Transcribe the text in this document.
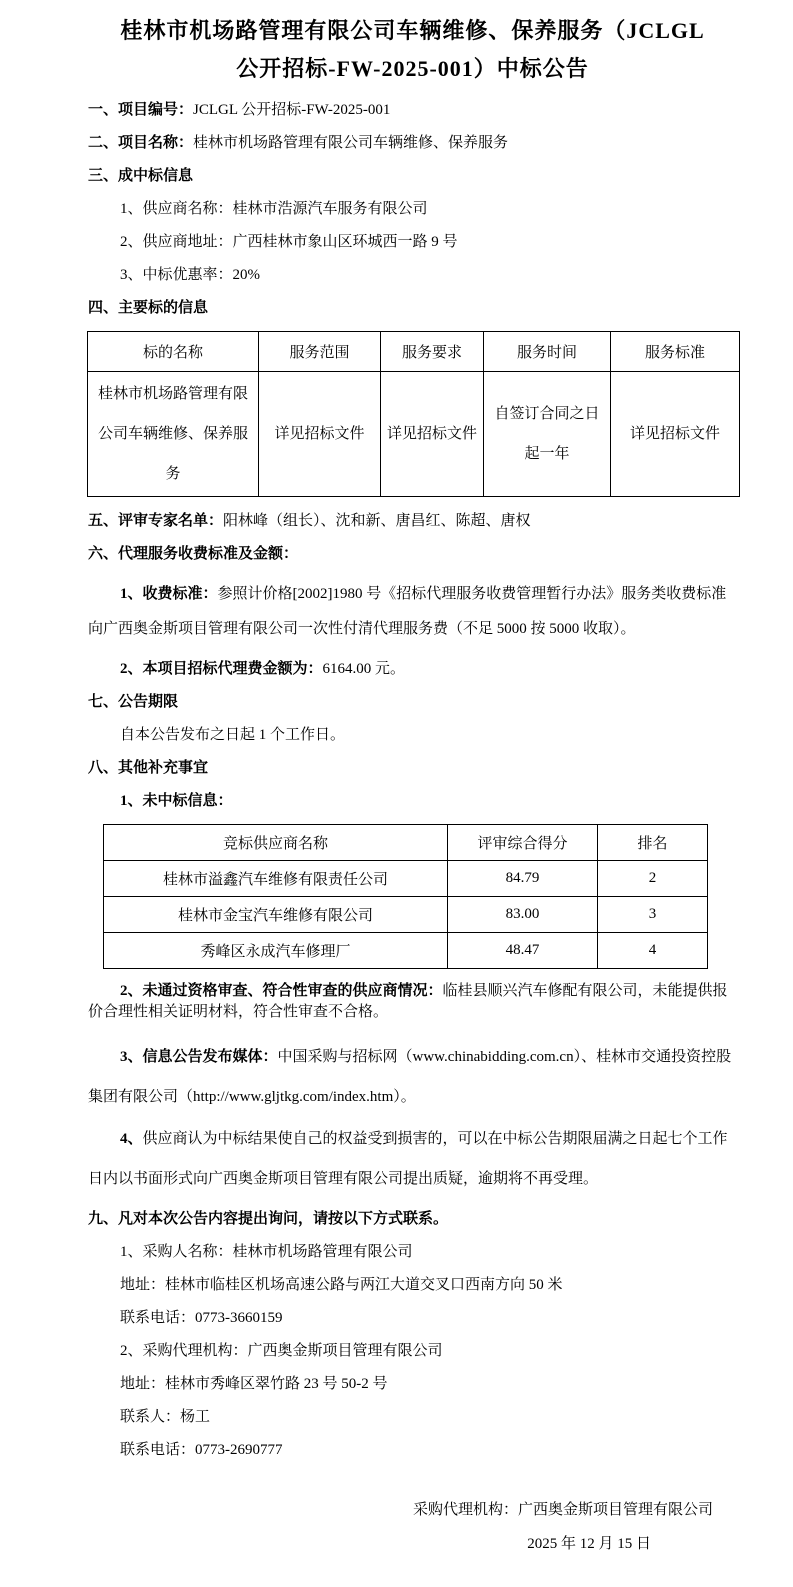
桂林市机场路管理有限公司车辆维修、保养服务（JCLGL
公开招标-FW-2025-001）中标公告

一、项目编号：JCLGL 公开招标-FW-2025-001

二、项目名称：桂林市机场路管理有限公司车辆维修、保养服务

三、成中标信息

1、供应商名称：桂林市浩源汽车服务有限公司

2、供应商地址：广西桂林市象山区环城西一路 9 号

3、中标优惠率：20%

四、主要标的信息

标的名称	服务范围	服务要求	服务时间	服务标准
桂林市机场路管理有限公司车辆维修、保养服务	详见招标文件	详见招标文件	自签订合同之日起一年	详见招标文件

五、评审专家名单：阳林峰（组长）、沈和新、唐昌红、陈超、唐权

六、代理服务收费标准及金额：

1、收费标准：参照计价格[2002]1980 号《招标代理服务收费管理暂行办法》服务类收费标准向广西奥金斯项目管理有限公司一次性付清代理服务费（不足 5000 按 5000 收取）。

2、本项目招标代理费金额为：6164.00 元。

七、公告期限

自本公告发布之日起 1 个工作日。

八、其他补充事宜

1、未中标信息：

竞标供应商名称	评审综合得分	排名
桂林市溢鑫汽车维修有限责任公司	84.79	2
桂林市金宝汽车维修有限公司	83.00	3
秀峰区永成汽车修理厂	48.47	4

2、未通过资格审查、符合性审查的供应商情况：临桂县顺兴汽车修配有限公司，未能提供报价合理性相关证明材料，符合性审查不合格。

3、信息公告发布媒体：中国采购与招标网（www.chinabidding.com.cn）、桂林市交通投资控股集团有限公司（http://www.gljtkg.com/index.htm）。

4、供应商认为中标结果使自己的权益受到损害的，可以在中标公告期限届满之日起七个工作日内以书面形式向广西奥金斯项目管理有限公司提出质疑，逾期将不再受理。

九、凡对本次公告内容提出询问，请按以下方式联系。

1、采购人名称：桂林市机场路管理有限公司

地址：桂林市临桂区机场高速公路与两江大道交叉口西南方向 50 米

联系电话：0773-3660159

2、采购代理机构：广西奥金斯项目管理有限公司

地址：桂林市秀峰区翠竹路 23 号 50-2 号

联系人：杨工

联系电话：0773-2690777

采购代理机构：广西奥金斯项目管理有限公司

2025 年 12 月 15 日
